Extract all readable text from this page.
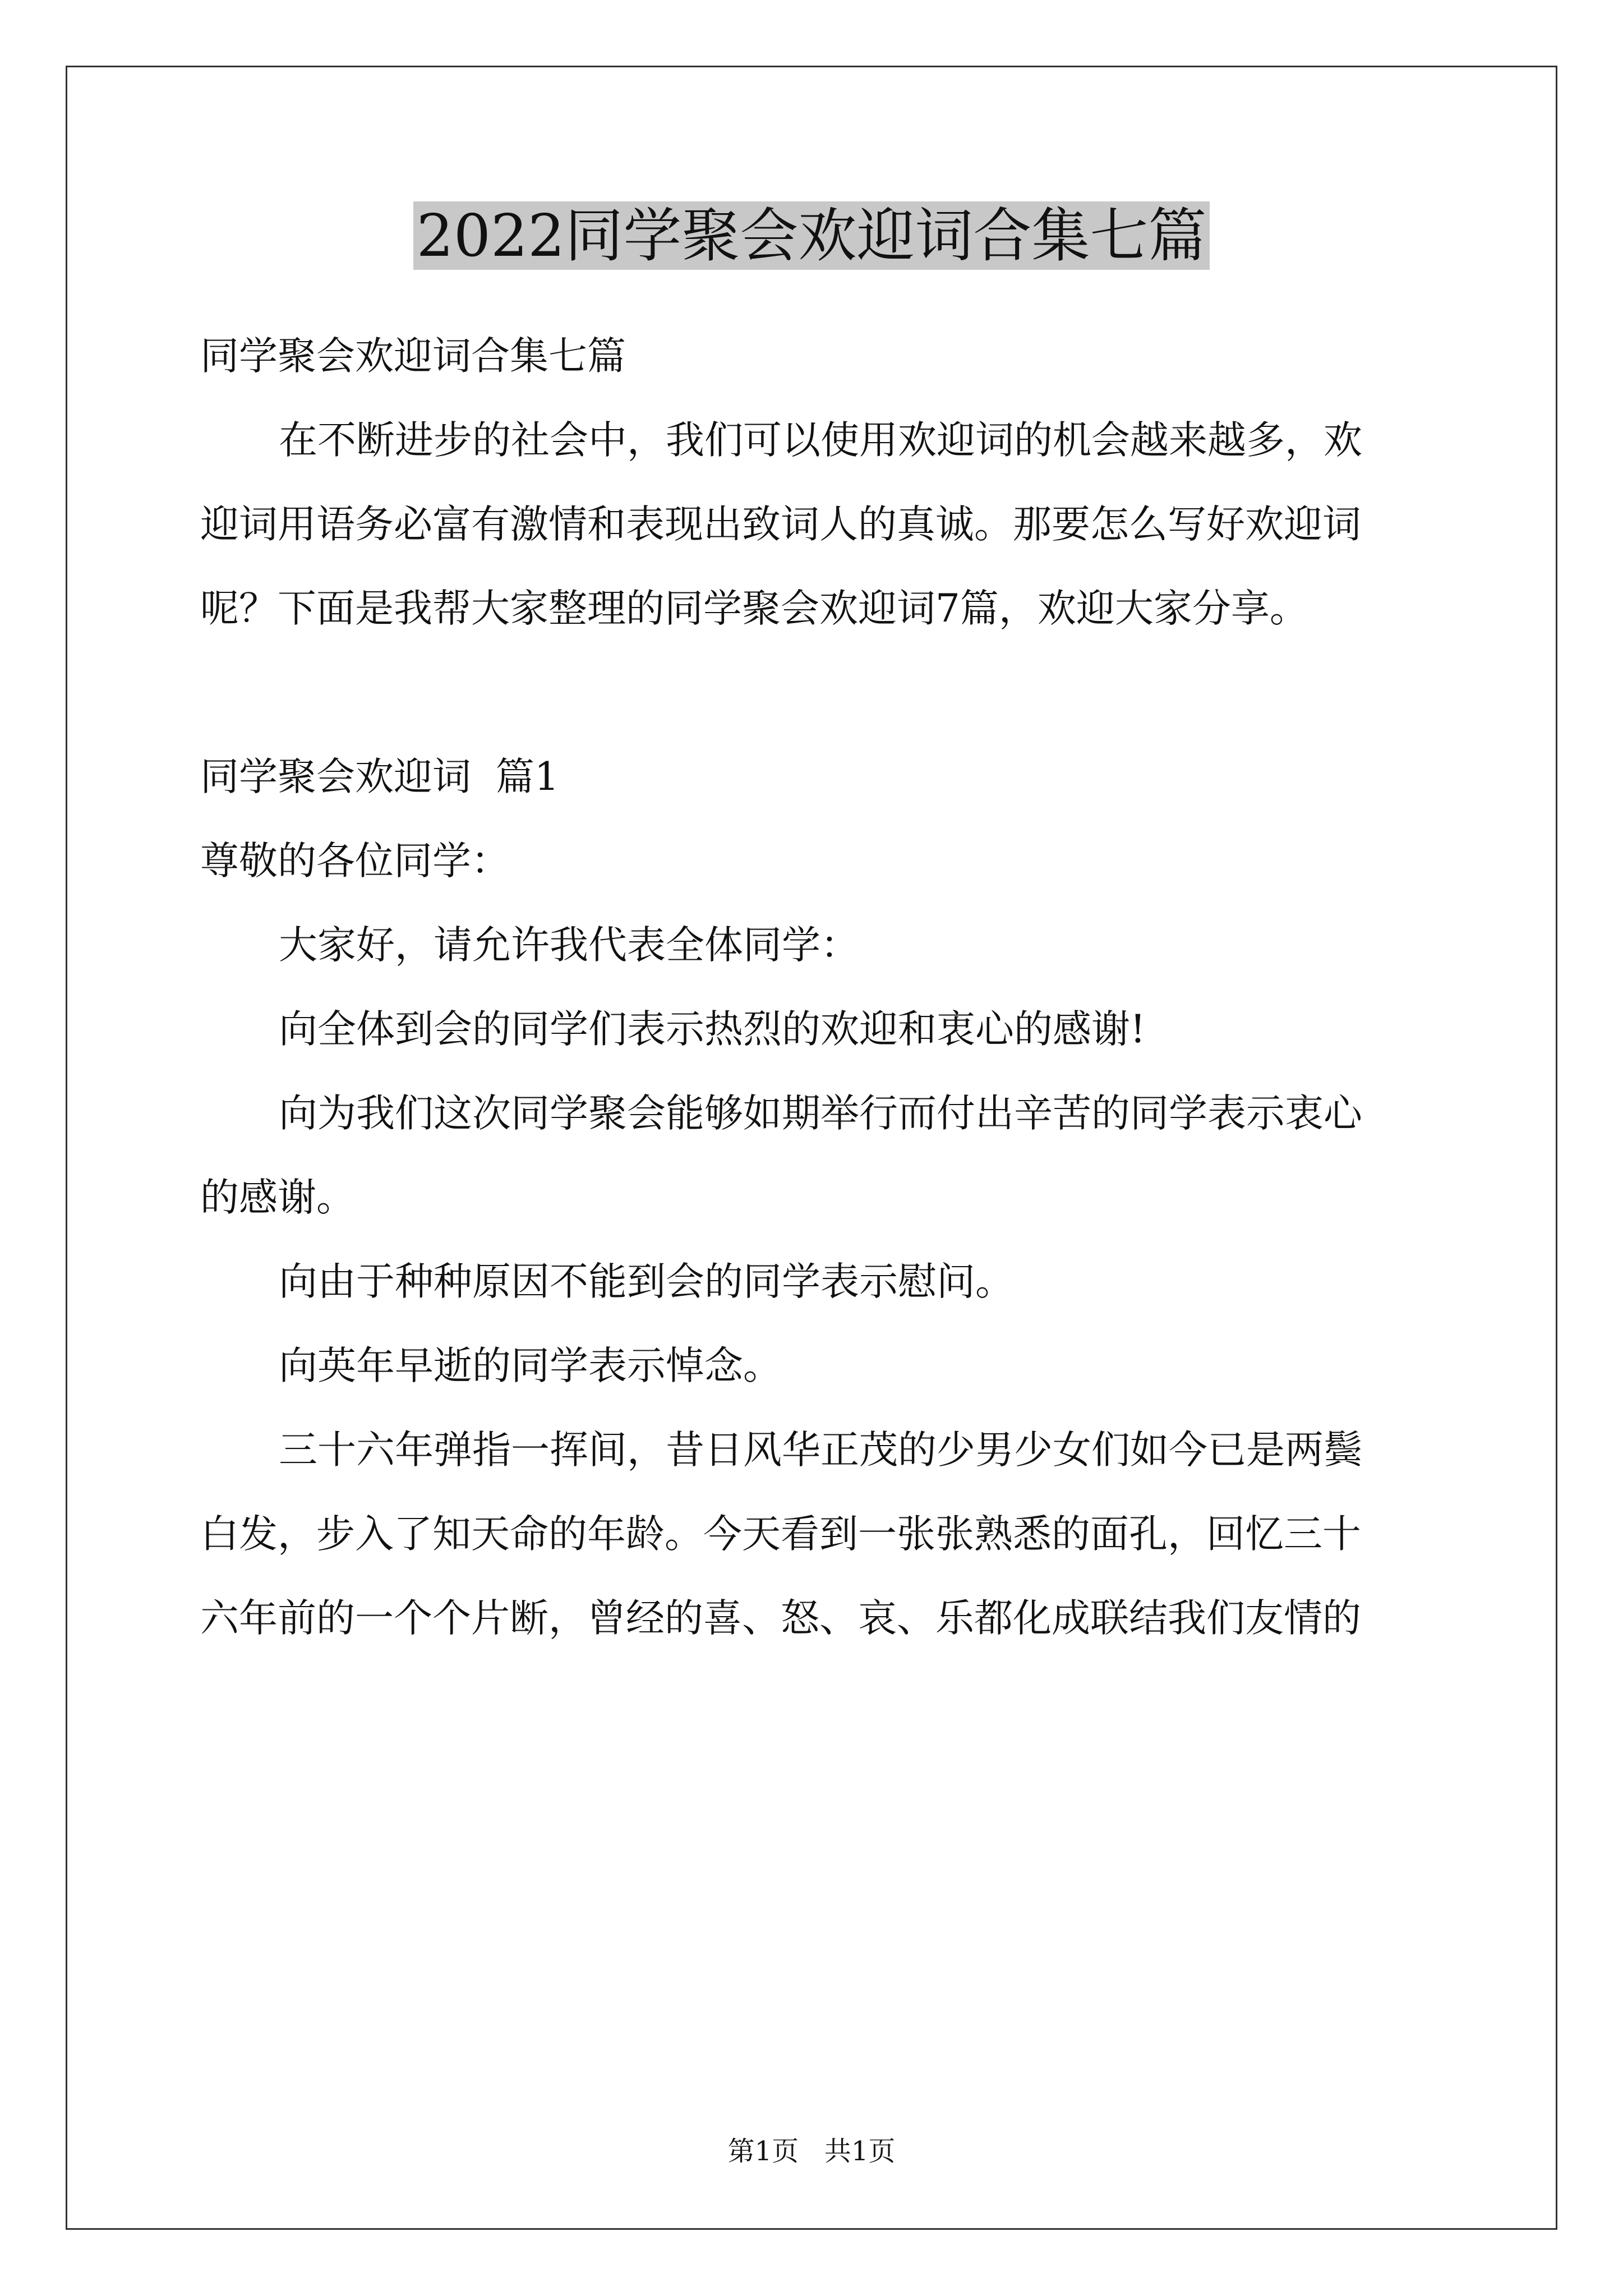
2022同学聚会欢迎词合集七篇

同学聚会欢迎词合集七篇

在不断进步的社会中，我们可以使用欢迎词的机会越来越多，欢

迎词用语务必富有激情和表现出致词人的真诚。那要怎么写好欢迎词

呢？下面是我帮大家整理的同学聚会欢迎词7篇，欢迎大家分享。

同学聚会欢迎词  篇1

尊敬的各位同学：

大家好，请允许我代表全体同学：

向全体到会的同学们表示热烈的欢迎和衷心的感谢!

向为我们这次同学聚会能够如期举行而付出辛苦的同学表示衷心

的感谢。

向由于种种原因不能到会的同学表示慰问。

向英年早逝的同学表示悼念。

三十六年弹指一挥间，昔日风华正茂的少男少女们如今已是两鬓

白发，步入了知天命的年龄。今天看到一张张熟悉的面孔，回忆三十

六年前的一个个片断，曾经的喜、怒、哀、乐都化成联结我们友情的

第1页   共1页
